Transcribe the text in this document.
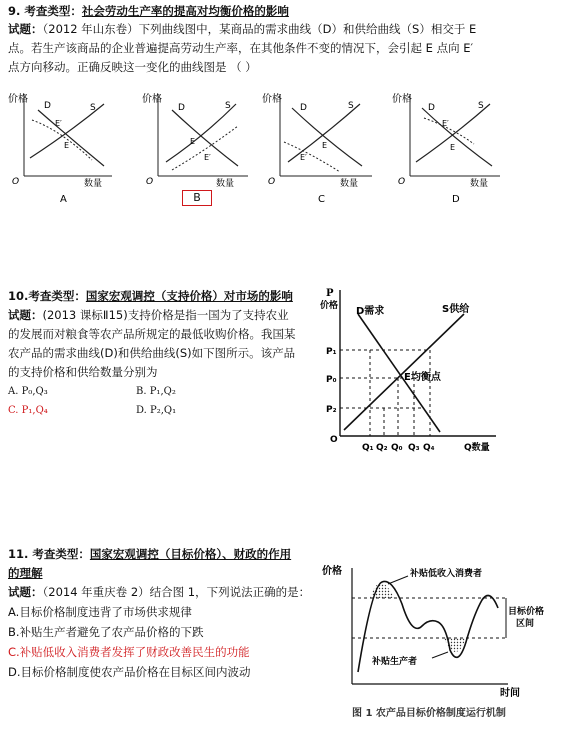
9. 考查类型：社会劳动生产率的提高对均衡价格的影响
试题：（2012 年山东卷）下列曲线图中，某商品的需求曲线（D）和供给曲线（S）相交于 E
点。若生产该商品的企业普遍提高劳动生产率，在其他条件不变的情况下，会引起 E 点向 E′
点方向移动。正确反映这一变化的曲线图是 （ ）
价格
D	S
E′
E
O	数量
A
价格
D	S
E
E′
O	数量
价格
D	S
E
E′
O	数量
C
价格
D	S
E′
E
O	数量
D
B
10.考查类型：国家宏观调控（支持价格）对市场的影响
试题：(2013 课标Ⅱ15)支持价格是指一国为了支持农业
的发展而对粮食等农产品所规定的最低收购价格。我国某
农产品的需求曲线(D)和供给曲线(S)如下图所示。该产品
的支持价格和供给数量分别为
A. P₀,Q₃	B. P₁,Q₂
C. P₁,Q₄	D. P₂,Q₁
P
价格 D需求	S供给
E均衡点
P₁
P₀
P₂
O
Q₁ Q₂ Q₀ Q₃ Q₄	Q数量
11. 考查类型：国家宏观调控（目标价格）、财政的作用
的理解
试题：（2014 年重庆卷 2）结合图 1，下列说法正确的是：
A.目标价格制度违背了市场供求规律
B.补贴生产者避免了农产品价格的下跌
C.补贴低收入消费者发挥了财政改善民生的功能
D.目标价格制度使农产品价格在目标区间内波动
价格
时间
目标价格
区间
补贴低收入消费者
补贴生产者
图 1 农产品目标价格制度运行机制
